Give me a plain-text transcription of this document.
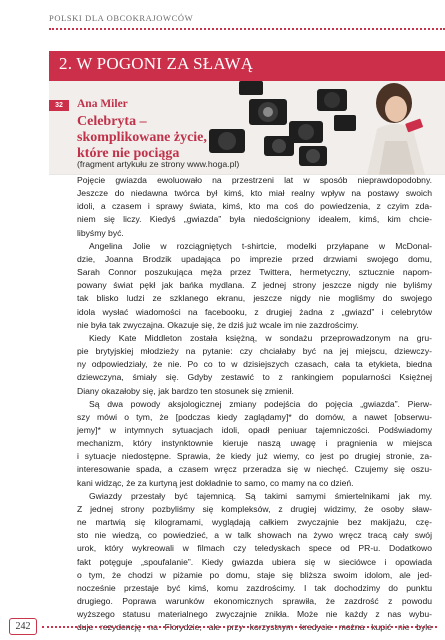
POLSKI DLA OBCOKRAJOWCÓW
2. W POGONI ZA SŁAWĄ
32	Ana Miler
Celebryta – skomplikowane życie,
które nie pociąga
(fragment artykułu ze strony www.hoga.pl)
Pojęcie gwiazda ewoluowało na przestrzeni lat w sposób nieprawdopodobny.
Jeszcze do niedawna twórca był kimś, kto miał realny wpływ na postawy swoich
idoli, a czasem i sprawy świata, kimś, kto ma coś do powiedzenia, z czyim zda-
niem się liczy. Kiedyś „gwiazda” była niedościgniony ideałem, kimś, kim chcie-
libyśmy być.
Angelina Jolie w rozciągniętych t-shirtcie, modelki przyłapane w McDonal-
dzie, Joanna Brodzik upadająca po imprezie przed drzwiami swojego domu,
Sarah Connor poszukująca męża przez Twittera, hermetyczny, sztucznie napom-
powany świat pękł jak bańka mydlana. Z jednej strony jeszcze nigdy nie byliśmy
tak blisko ludzi ze szklanego ekranu, jeszcze nigdy nie mogliśmy do swojego
idola wysłać wiadomości na facebooku, z drugiej żadna z „gwiazd” i celebrytów
nie była tak zwyczajna. Okazuje się, że dziś już wcale im nie zazdrościmy.
Kiedy Kate Middleton została księżną, w sondażu przeprowadzonym na gru-
pie brytyjskiej młodzieży na pytanie: czy chciałaby być na jej miejscu, dziewczy-
ny odpowiedziały, że nie. Po co to w dzisiejszych czasach, cała ta etykieta, biedna
dziewczyna, śmiały się. Gdyby zestawić to z rankingiem popularności Księżnej
Diany okazałoby się, jak bardzo ten stosunek się zmienił.
Są dwa powody aksjologicznej zmiany podejścia do pojęcia „gwiazda”. Pierw-
szy mówi o tym, że [podczas kiedy zaglądamy]* do domów, a nawet [obserwu-
jemy]* w intymnych sytuacjach idoli, opadł peniuar tajemniczości. Podświadomy
mechanizm, który instynktownie kieruje naszą uwagę i pragnienia w miejsca
i sytuacje niedostępne. Sprawia, że kiedy już wiemy, co jest po drugiej stronie, za-
interesowanie spada, a czasem wręcz przeradza się w niechęć. Czujemy się oszu-
kani widząc, że za kurtyną jest dokładnie to samo, co mamy na co dzień.
Gwiazdy przestały być tajemnicą. Są takimi samymi śmiertelnikami jak my.
Z jednej strony pozbyliśmy się kompleksów, z drugiej widzimy, że osoby sław-
ne martwią się kilogramami, wyglądają całkiem zwyczajnie bez makijażu, czę-
sto nie wiedzą, co powiedzieć, a w talk showach na żywo wręcz tracą cały swój
urok, który wykreowali w filmach czy teledyskach specе od PR-u. Dodatkowo
fakt potęguje „spoufalanie”. Kiedy gwiazda ubiera się w sieciówce i opowiada
o tym, że chodzi w piżamie po domu, staje się bliższa swoim idolom, ale jed-
nocześnie przestaje być kimś, komu zazdrościmy. I tak dochodzimy do punktu
drugiego. Poprawa warunków ekonomicznych sprawiła, że zazdrość z powodu
wyższego statusu materialnego zwyczajnie znikła. Może nie każdy z nas wybu-
duje rezydencję na Florydzie, ale przy korzystnym kredycie można kupić nie byle
242
